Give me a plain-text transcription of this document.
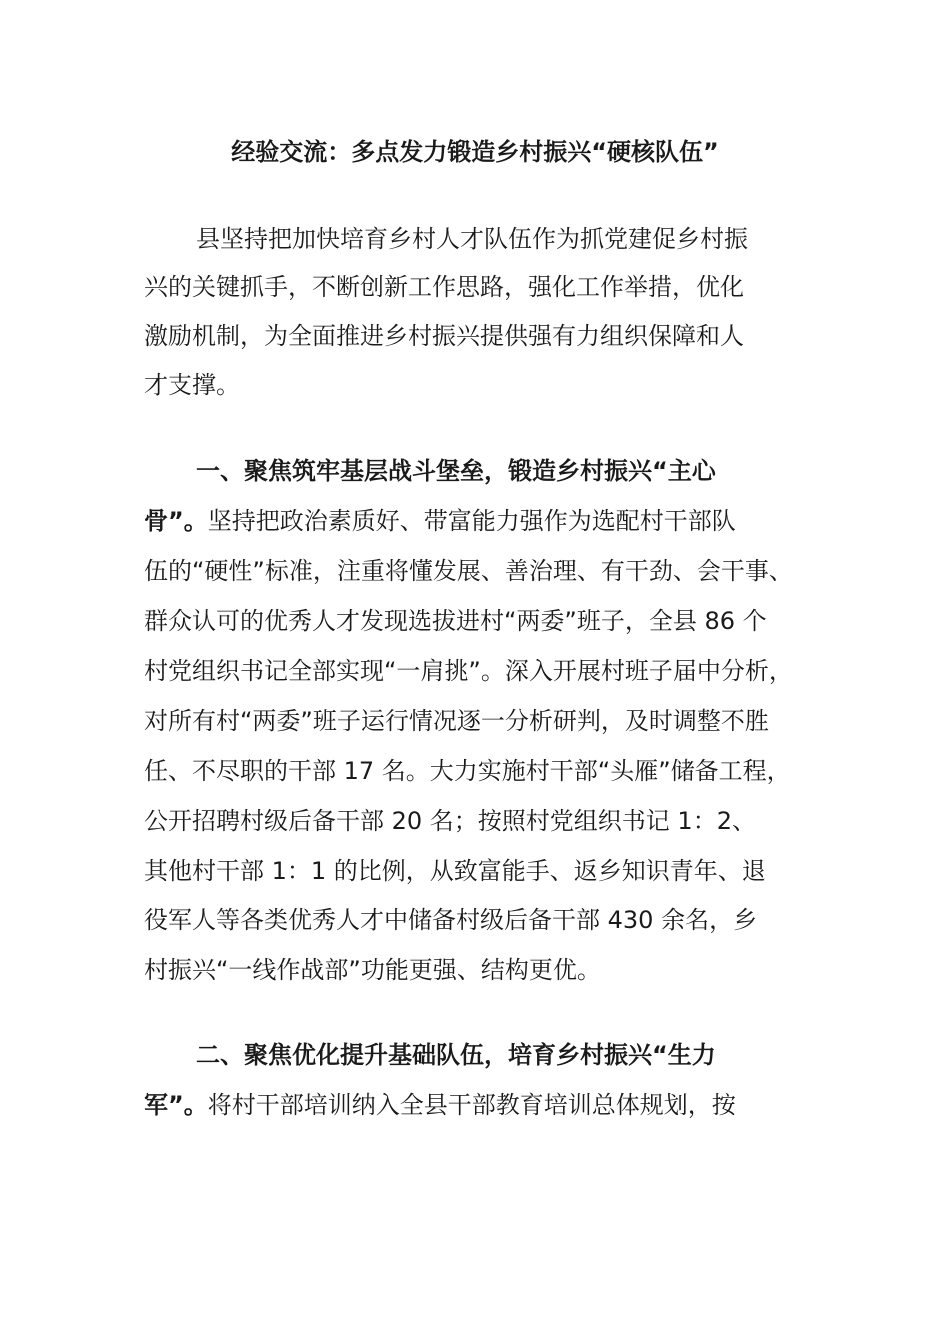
经验交流：多点发力锻造乡村振兴“硬核队伍”
县坚持把加快培育乡村人才队伍作为抓党建促乡村振
兴的关键抓手，不断创新工作思路，强化工作举措，优化
激励机制，为全面推进乡村振兴提供强有力组织保障和人
才支撑。
一、聚焦筑牢基层战斗堡垒，锻造乡村振兴“主心
骨”。坚持把政治素质好、带富能力强作为选配村干部队
伍的“硬性”标准，注重将懂发展、善治理、有干劲、会干事、
群众认可的优秀人才发现选拔进村“两委”班子，全县 86 个
村党组织书记全部实现“一肩挑”。深入开展村班子届中分析，
对所有村“两委”班子运行情况逐一分析研判，及时调整不胜
任、不尽职的干部 17 名。大力实施村干部“头雁”储备工程，
公开招聘村级后备干部 20 名；按照村党组织书记 1：2、
其他村干部 1：1 的比例，从致富能手、返乡知识青年、退
役军人等各类优秀人才中储备村级后备干部 430 余名，乡
村振兴“一线作战部”功能更强、结构更优。
二、聚焦优化提升基础队伍，培育乡村振兴“生力
军”。将村干部培训纳入全县干部教育培训总体规划，按
